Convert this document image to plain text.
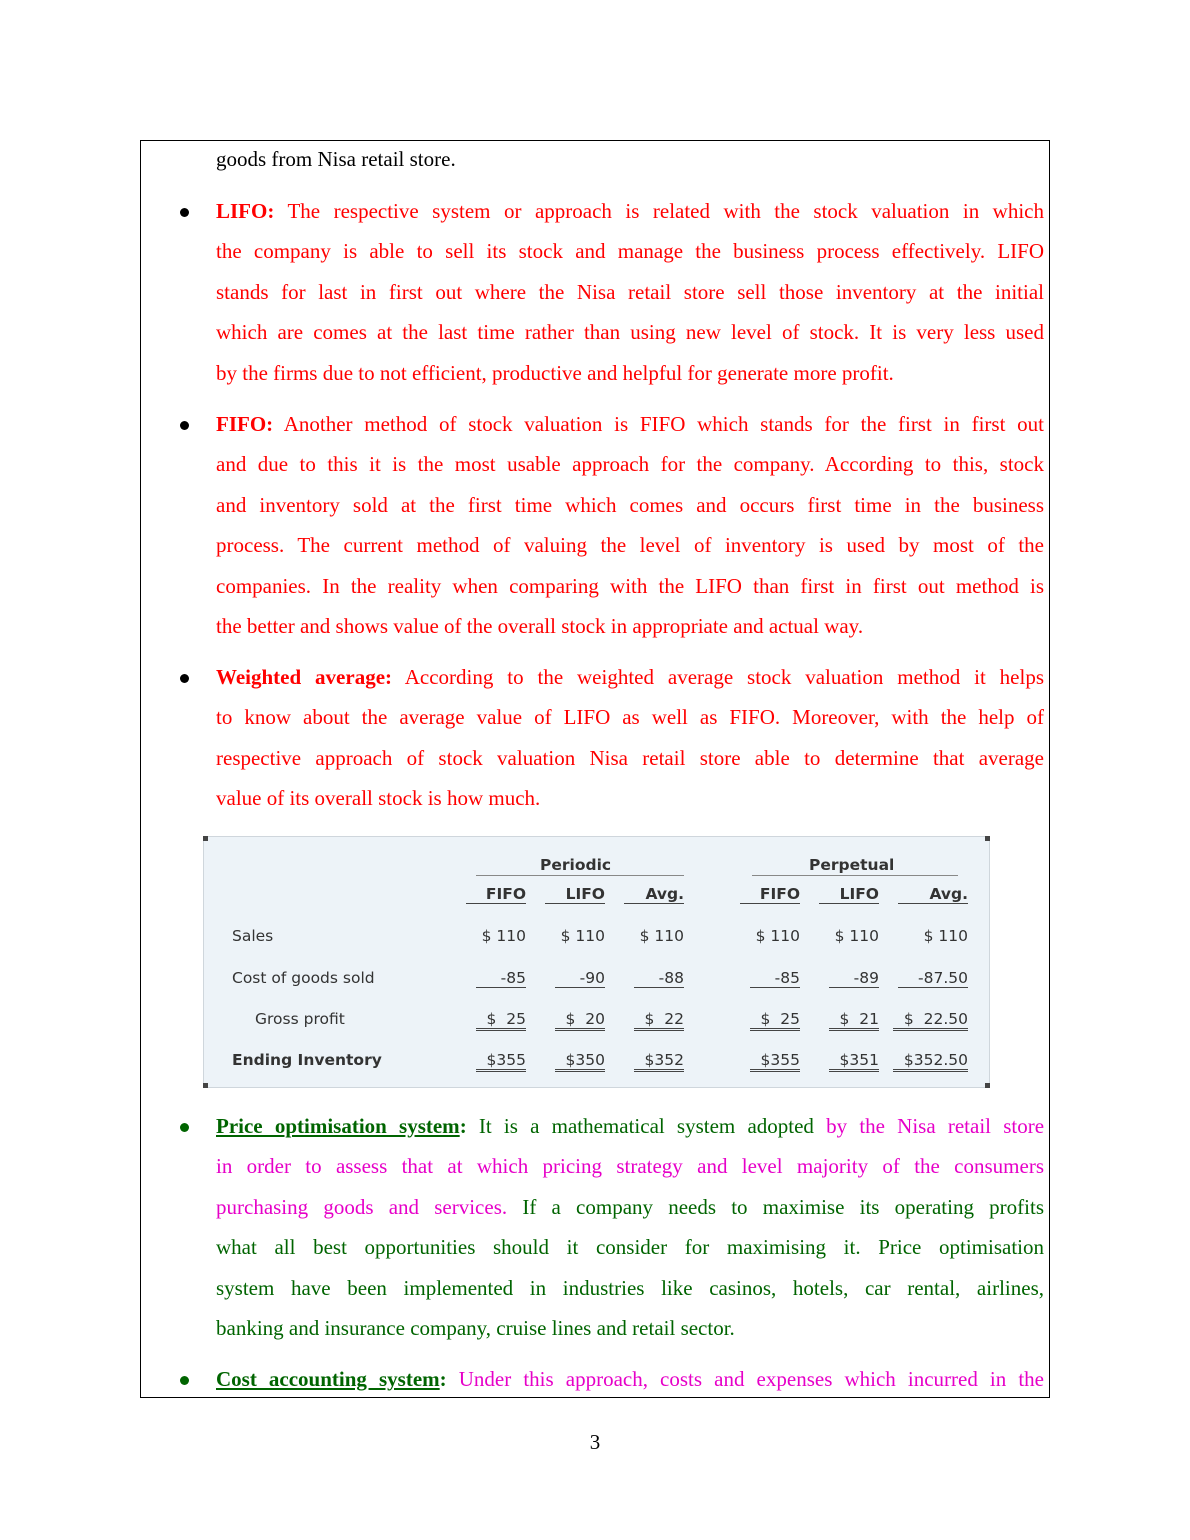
goods from Nisa retail store.
LIFO: The respective system or approach is related with the stock valuation in which
the company is able to sell its stock and manage the business process effectively. LIFO
stands for last in first out where the Nisa retail store sell those inventory at the initial
which are comes at the last time rather than using new level of stock. It is very less used
by the firms due to not efficient, productive and helpful for generate more profit.
FIFO: Another method of stock valuation is FIFO which stands for the first in first out
and due to this it is the most usable approach for the company. According to this, stock
and inventory sold at the first time which comes and occurs first time in the business
process. The current method of valuing the level of inventory is used by most of the
companies. In the reality when comparing with the LIFO than first in first out method is
the better and shows value of the overall stock in appropriate and actual way.
Weighted average: According to the weighted average stock valuation method it helps
to know about the average value of LIFO as well as FIFO. Moreover, with the help of
respective approach of stock valuation Nisa retail store able to determine that average
value of its overall stock is how much.
Periodic	Perpetual
FIFO	LIFO	Avg.	FIFO	LIFO	Avg.
Sales	$ 110	$ 110	$ 110	$ 110	$ 110	$ 110
Cost of goods sold	-85	-90	-88	-85	-89	-87.50
Gross profit	$  25	$  20	$  22	$  25	$  21	$  22.50
Ending Inventory	$355	$350	$352	$355	$351	$352.50
Price optimisation system: It is a mathematical system adopted by the Nisa retail store
in order to assess that at which pricing strategy and level majority of the consumers
purchasing goods and services. If a company needs to maximise its operating profits
what all best opportunities should it consider for maximising it. Price optimisation
system have been implemented in industries like casinos, hotels, car rental, airlines,
banking and insurance company, cruise lines and retail sector.
Cost accounting system: Under this approach, costs and expenses which incurred in the
3
